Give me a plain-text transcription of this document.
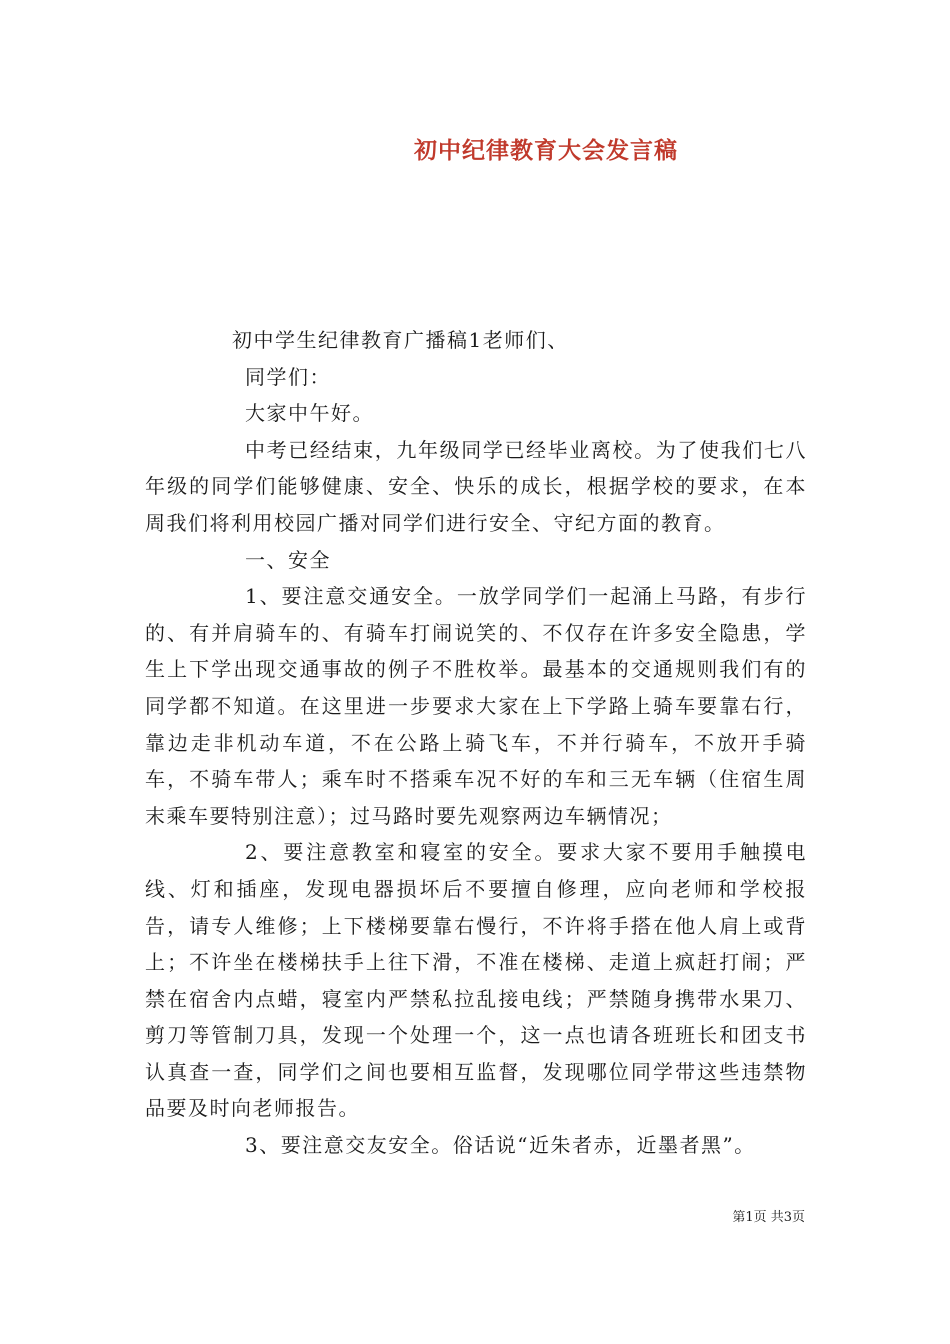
初中纪律教育大会发言稿

初中学生纪律教育广播稿1老师们、

同学们：

大家中午好。

中考已经结束，九年级同学已经毕业离校。为了使我们七八年级的同学们能够健康、安全、快乐的成长，根据学校的要求，在本周我们将利用校园广播对同学们进行安全、守纪方面的教育。

一、安全

1、要注意交通安全。一放学同学们一起涌上马路，有步行的、有并肩骑车的、有骑车打闹说笑的、不仅存在许多安全隐患，学生上下学出现交通事故的例子不胜枚举。最基本的交通规则我们有的同学都不知道。在这里进一步要求大家在上下学路上骑车要靠右行，靠边走非机动车道，不在公路上骑飞车，不并行骑车，不放开手骑车，不骑车带人；乘车时不搭乘车况不好的车和三无车辆（住宿生周末乘车要特别注意）；过马路时要先观察两边车辆情况；

2、要注意教室和寝室的安全。要求大家不要用手触摸电线、灯和插座，发现电器损坏后不要擅自修理，应向老师和学校报告，请专人维修；上下楼梯要靠右慢行，不许将手搭在他人肩上或背上；不许坐在楼梯扶手上往下滑，不准在楼梯、走道上疯赶打闹；严禁在宿舍内点蜡，寝室内严禁私拉乱接电线；严禁随身携带水果刀、剪刀等管制刀具，发现一个处理一个，这一点也请各班班长和团支书认真查一查，同学们之间也要相互监督，发现哪位同学带这些违禁物品要及时向老师报告。

3、要注意交友安全。俗话说“近朱者赤，近墨者黑”。

第1页 共3页
